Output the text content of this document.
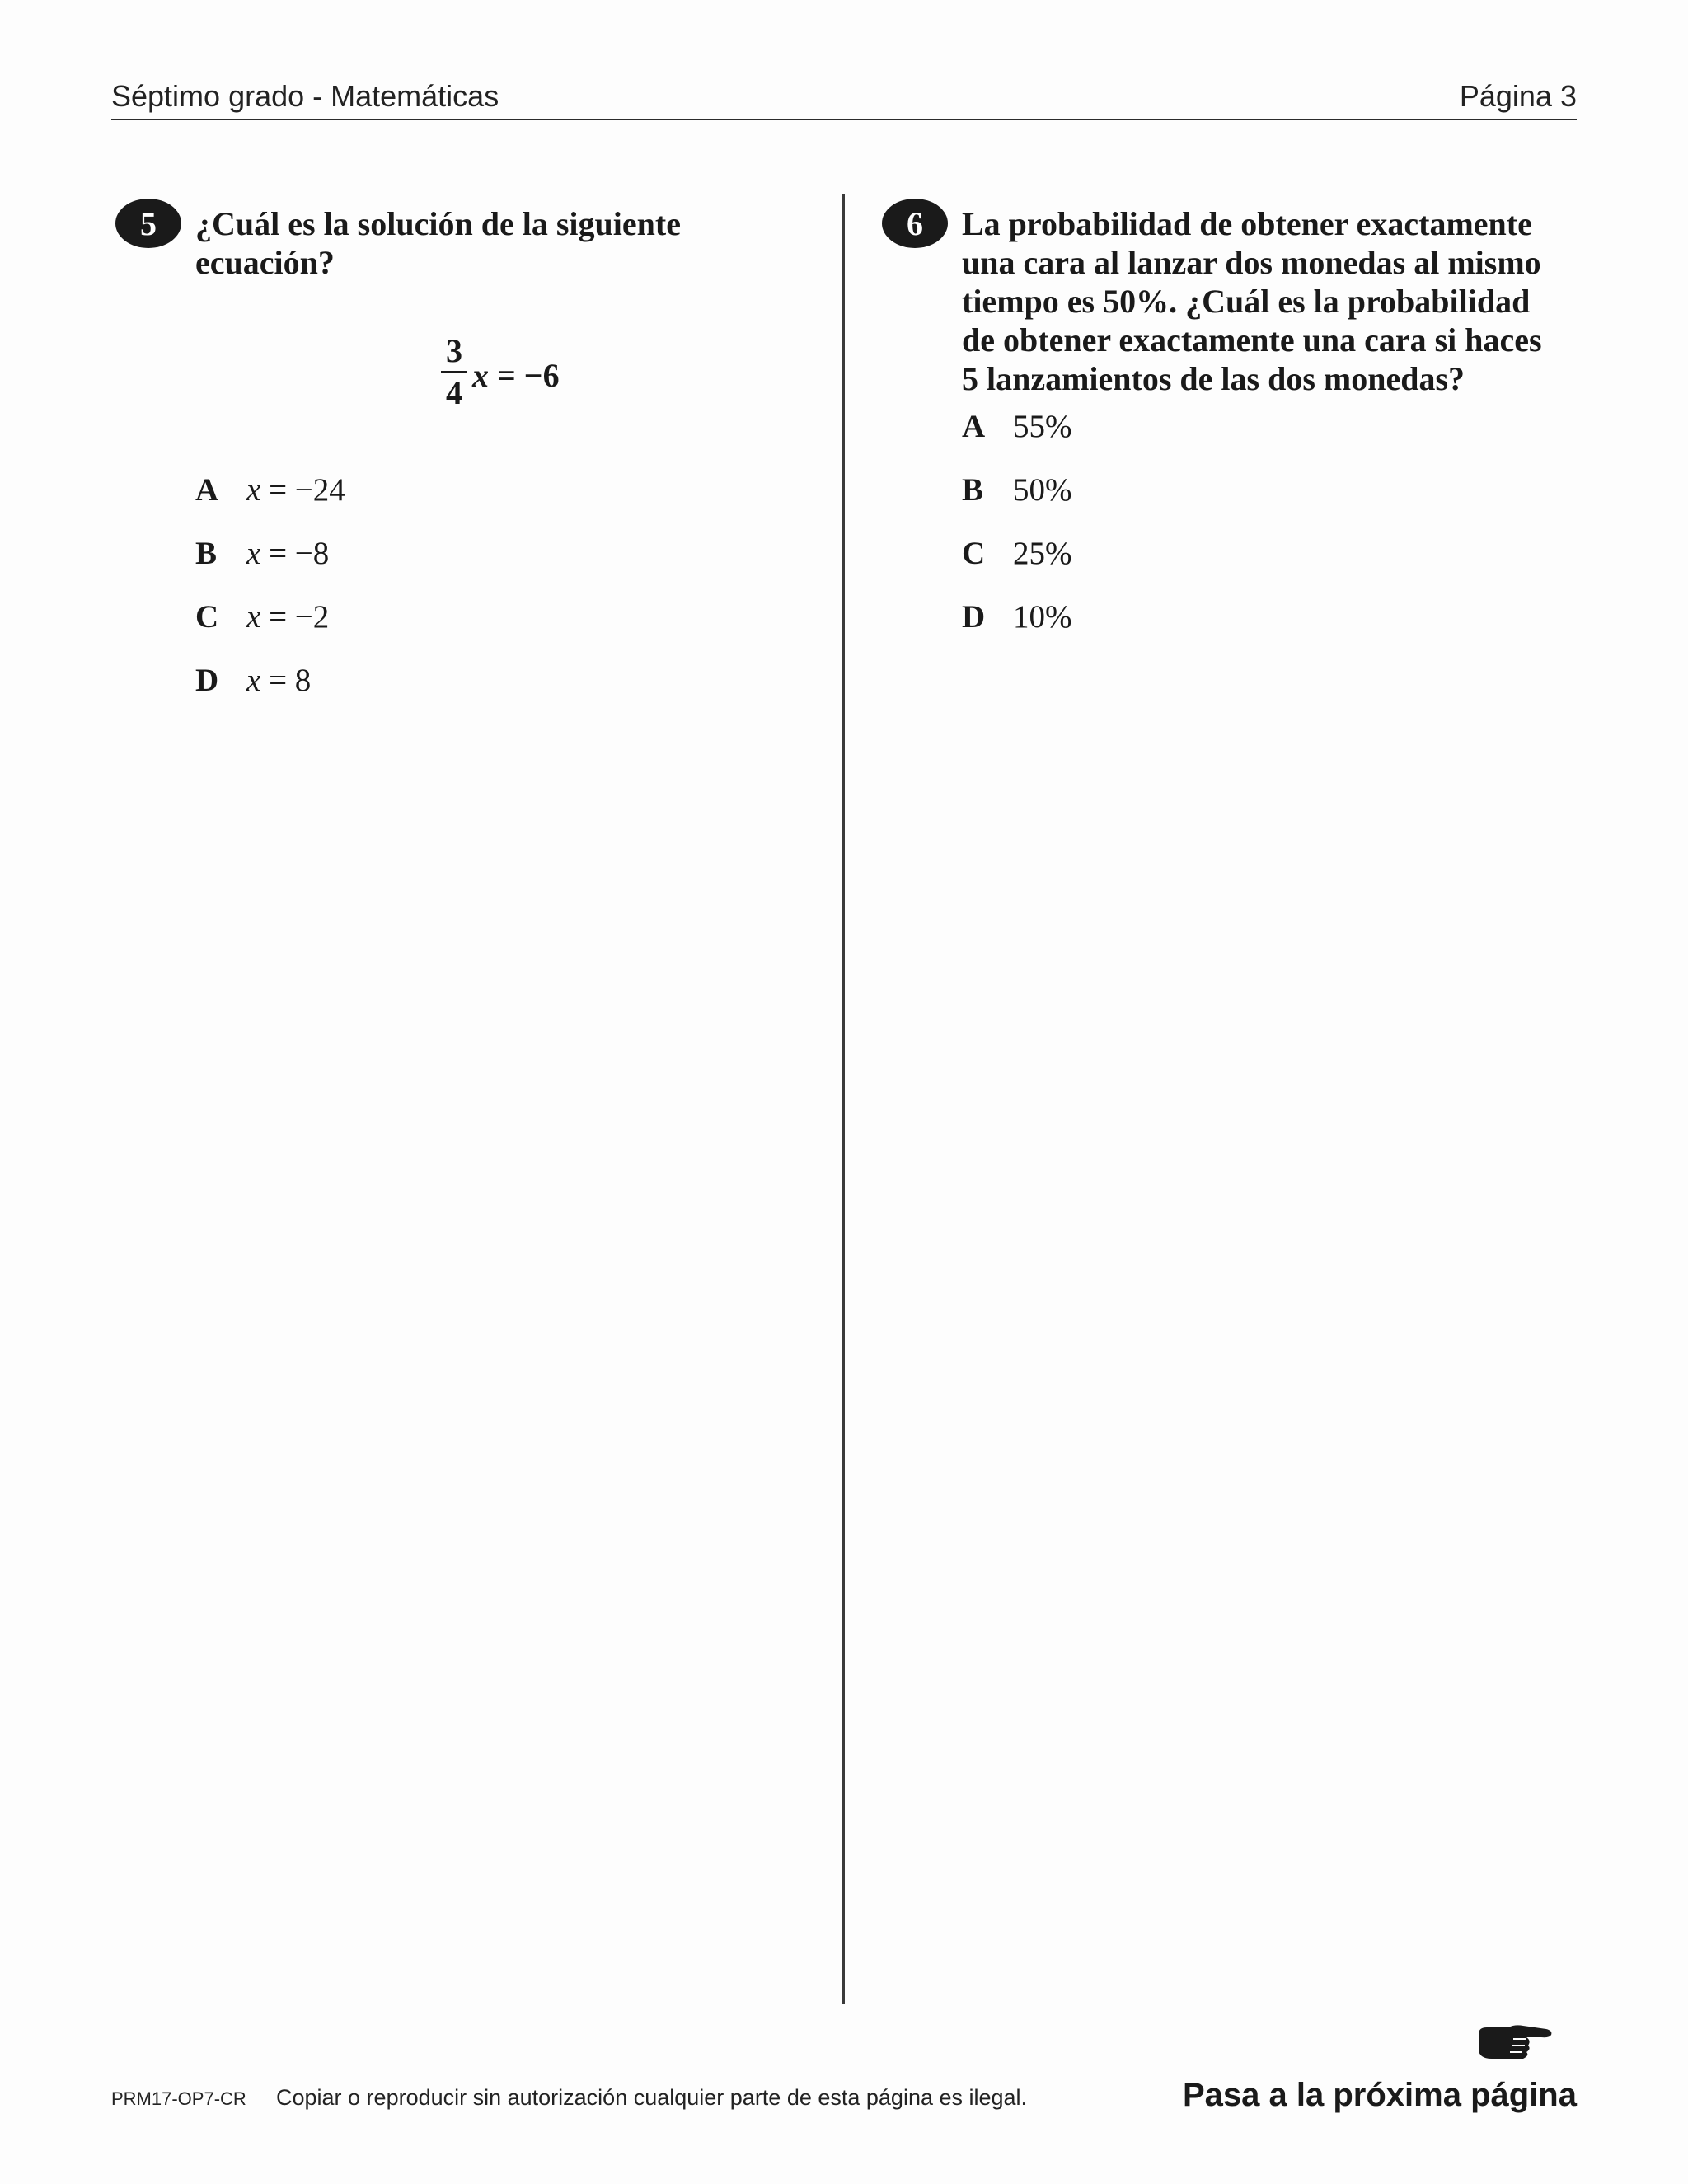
Séptimo grado - Matemáticas	Página 3
5	¿Cuál es la solución de la siguiente
ecuación?
3
4 x = −6
A x = −24
B x = −8
C x = −2
D x = 8
6	La probabilidad de obtener exactamente
una cara al lanzar dos monedas al mismo
tiempo es 50%. ¿Cuál es la probabilidad
de obtener exactamente una cara si haces
5 lanzamientos de las dos monedas?
A 55%
B 50%
C 25%
D 10%
PRM17-OP7-CR Copiar o reproducir sin autorización cualquier parte de esta página es ilegal.	Pasa a la próxima página
